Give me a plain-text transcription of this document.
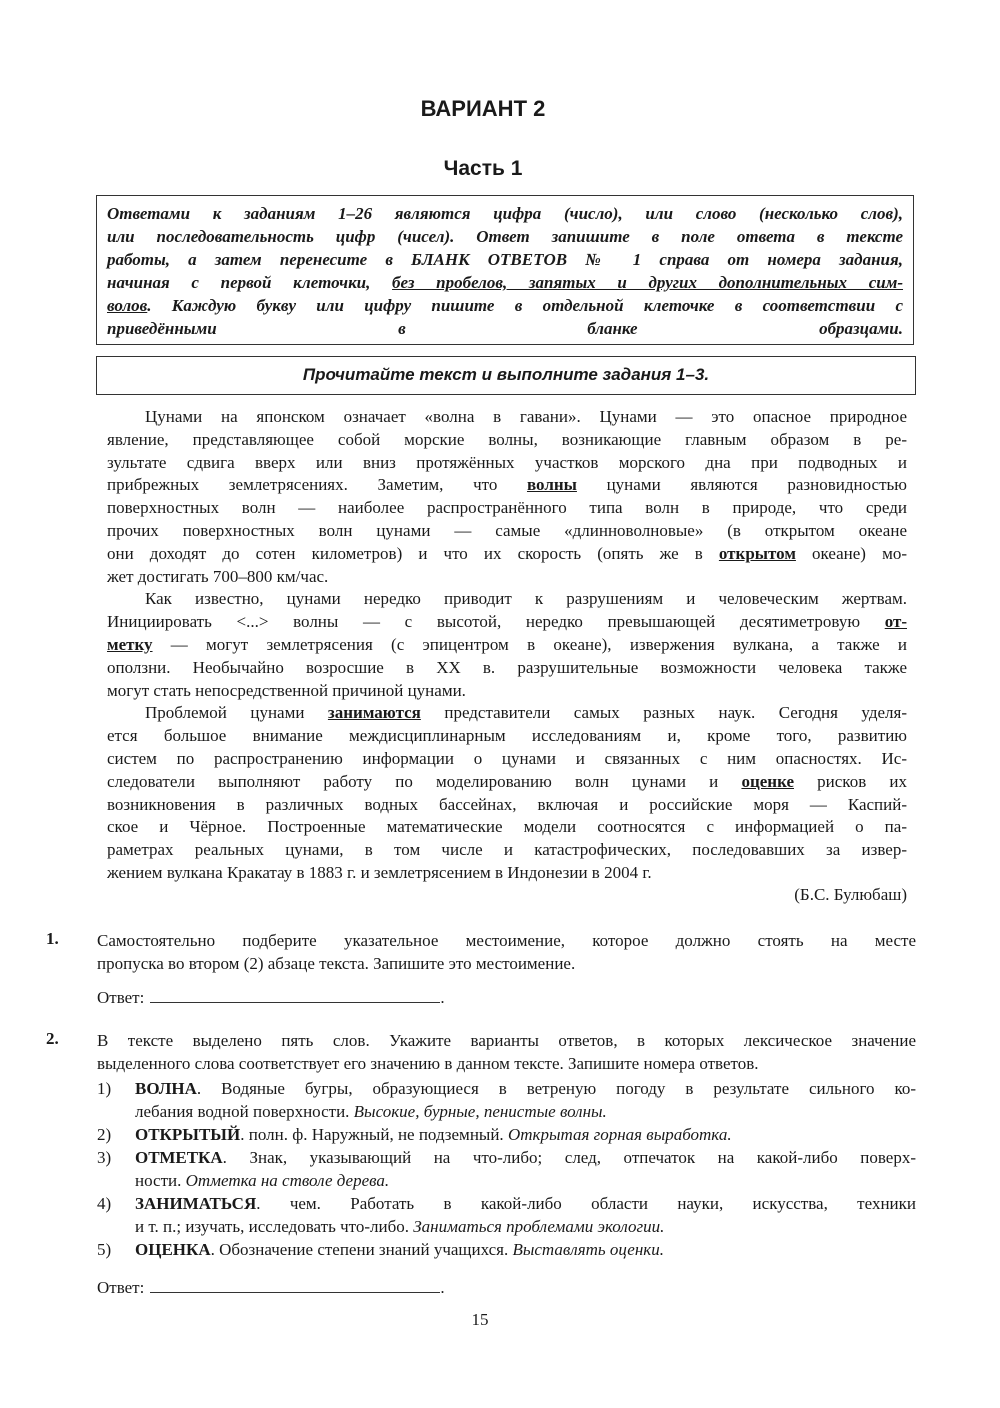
ВАРИАНТ 2
Часть 1
Ответами к заданиям 1–26 являются цифра (число), или слово (несколько слов),
или последовательность цифр (чисел). Ответ запишите в поле ответа в тексте
работы, а затем перенесите в БЛАНК ОТВЕТОВ № 1 справа от номера задания,
начиная с первой клеточки, без пробелов, запятых и других дополнительных сим-
волов. Каждую букву или цифру пишите в отдельной клеточке в соответствии с
приведёнными в бланке образцами.
Прочитайте текст и выполните задания 1–3.
Цунами на японском означает «волна в гавани». Цунами — это опасное природное
явление, представляющее собой морские волны, возникающие главным образом в ре-
зультате сдвига вверх или вниз протяжённых участков морского дна при подводных и
прибрежных землетрясениях. Заметим, что волны цунами являются разновидностью
поверхностных волн — наиболее распространённого типа волн в природе, что среди
прочих поверхностных волн цунами — самые «длинноволновые» (в открытом океане
они доходят до сотен километров) и что их скорость (опять же в открытом океане) мо-
жет достигать 700–800 км/час.
Как известно, цунами нередко приводит к разрушениям и человеческим жертвам.
Инициировать <...> волны — с высотой, нередко превышающей десятиметровую от-
метку — могут землетрясения (с эпицентром в океане), извержения вулкана, а также и
оползни. Необычайно возросшие в XX в. разрушительные возможности человека также
могут стать непосредственной причиной цунами.
Проблемой цунами занимаются представители самых разных наук. Сегодня уделя-
ется большое внимание междисциплинарным исследованиям и, кроме того, развитию
систем по распространению информации о цунами и связанных с ним опасностях. Ис-
следователи выполняют работу по моделированию волн цунами и оценке рисков их
возникновения в различных водных бассейнах, включая и российские моря — Каспий-
ское и Чёрное. Построенные математические модели соотносятся с информацией о па-
раметрах реальных цунами, в том числе и катастрофических, последовавших за извер-
жением вулкана Кракатау в 1883 г. и землетрясением в Индонезии в 2004 г.
(Б.С. Булюбаш)
1. Самостоятельно подберите указательное местоимение, которое должно стоять на месте
пропуска во втором (2) абзаце текста. Запишите это местоимение.
Ответ:	.
2. В тексте выделено пять слов. Укажите варианты ответов, в которых лексическое значение
выделенного слова соответствует его значению в данном тексте. Запишите номера ответов.
1) ВОЛНА. Водяные бугры, образующиеся в ветреную погоду в результате сильного ко-
лебания водной поверхности. Высокие, бурные, пенистые волны.
2) ОТКРЫТЫЙ. полн. ф. Наружный, не подземный. Открытая горная выработка.
3) ОТМЕТКА. Знак, указывающий на что-либо; след, отпечаток на какой-либо поверх-
ности. Отметка на стволе дерева.
4) ЗАНИМАТЬСЯ. чем. Работать в какой-либо области науки, искусства, техники
и т. п.; изучать, исследовать что-либо. Заниматься проблемами экологии.
5) ОЦЕНКА. Обозначение степени знаний учащихся. Выставлять оценки.
Ответ:	.
15
